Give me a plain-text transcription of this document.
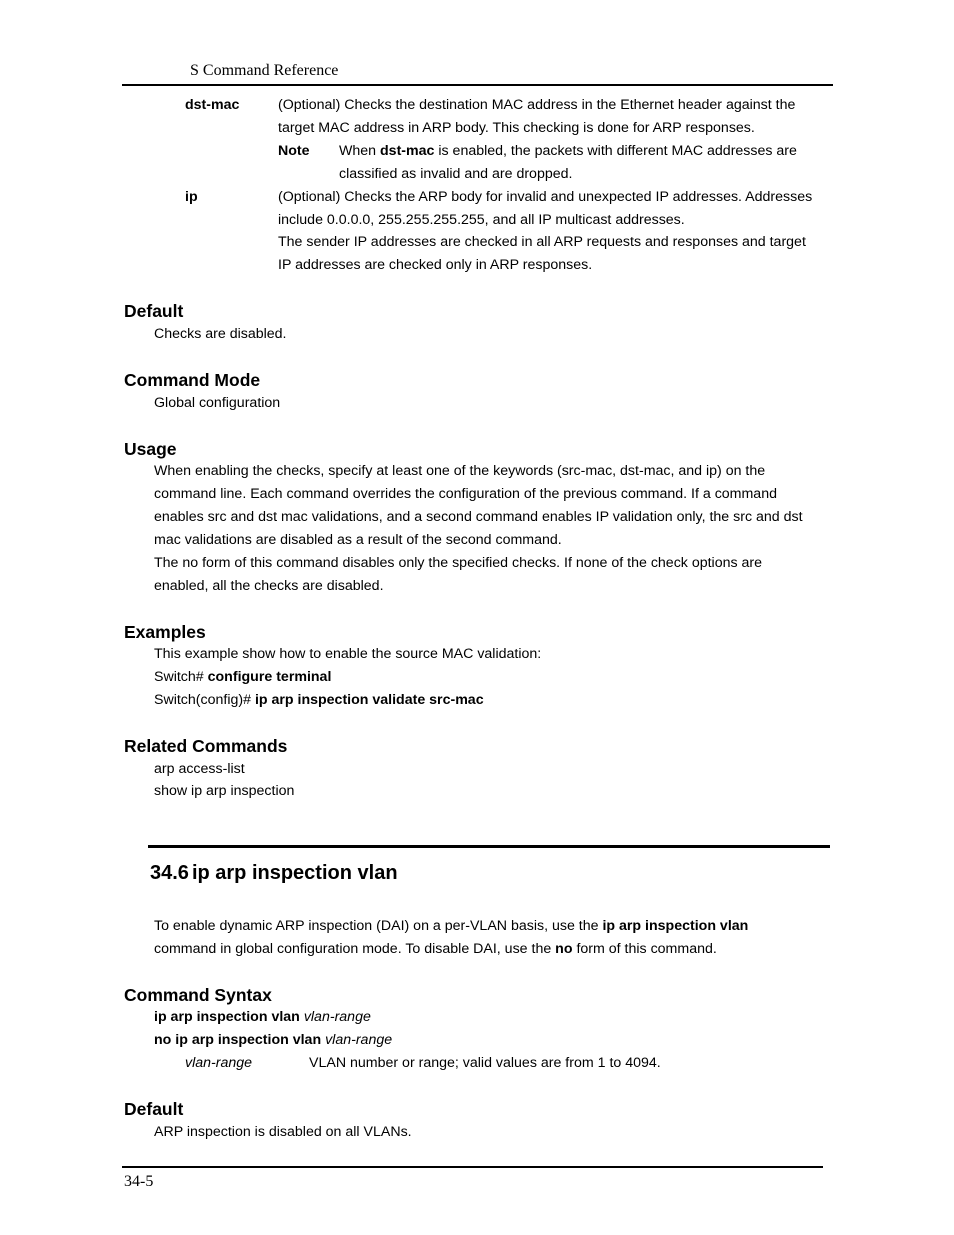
S Command Reference
dst-mac	(Optional) Checks the destination MAC address in the Ethernet header against the
target MAC address in ARP body. This checking is done for ARP responses.
Note When dst-mac is enabled, the packets with different MAC addresses are
classified as invalid and are dropped.
ip	(Optional) Checks the ARP body for invalid and unexpected IP addresses. Addresses
include 0.0.0.0, 255.255.255.255, and all IP multicast addresses.
The sender IP addresses are checked in all ARP requests and responses and target
IP addresses are checked only in ARP responses.
Default
Checks are disabled.
Command Mode
Global configuration
Usage
When enabling the checks, specify at least one of the keywords (src-mac, dst-mac, and ip) on the
command line. Each command overrides the configuration of the previous command. If a command
enables src and dst mac validations, and a second command enables IP validation only, the src and dst
mac validations are disabled as a result of the second command.
The no form of this command disables only the specified checks. If none of the check options are
enabled, all the checks are disabled.
Examples
This example show how to enable the source MAC validation:
Switch# configure terminal
Switch(config)# ip arp inspection validate src-mac
Related Commands
arp access-list
show ip arp inspection
34.6 ip arp inspection vlan
To enable dynamic ARP inspection (DAI) on a per-VLAN basis, use the ip arp inspection vlan
command in global configuration mode. To disable DAI, use the no form of this command.
Command Syntax
ip arp inspection vlan vlan-range
no ip arp inspection vlan vlan-range
vlan-range	VLAN number or range; valid values are from 1 to 4094.
Default
ARP inspection is disabled on all VLANs.
34-5
